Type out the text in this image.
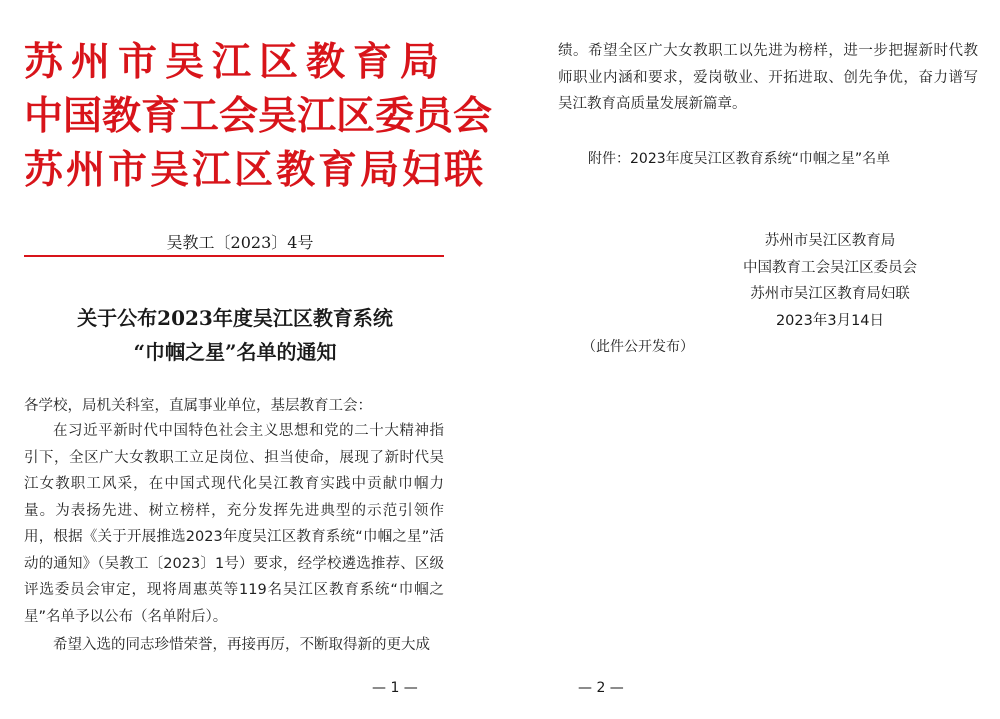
苏州市吴江区教育局
中国教育工会吴江区委员会
苏州市吴江区教育局妇联
吴教工〔2023〕4号
关于公布2023年度吴江区教育系统
“巾帼之星”名单的通知
各学校，局机关科室，直属事业单位，基层教育工会：
在习近平新时代中国特色社会主义思想和党的二十大精神指引下，全区广大女教职工立足岗位、担当使命，展现了新时代吴江女教职工风采，在中国式现代化吴江教育实践中贡献巾帼力量。为表扬先进、树立榜样，充分发挥先进典型的示范引领作用，根据《关于开展推选2023年度吴江区教育系统“巾帼之星”活动的通知》（吴教工〔2023〕1号）要求，经学校遴选推荐、区级评选委员会审定，现将周惠英等119名吴江区教育系统“巾帼之星”名单予以公布（名单附后）。
希望入选的同志珍惜荣誉，再接再厉，不断取得新的更大成
— 1 —
绩。希望全区广大女教职工以先进为榜样，进一步把握新时代教师职业内涵和要求，爱岗敬业、开拓进取、创先争优，奋力谱写吴江教育高质量发展新篇章。
附件：2023年度吴江区教育系统“巾帼之星”名单
苏州市吴江区教育局
中国教育工会吴江区委员会
苏州市吴江区教育局妇联
2023年3月14日
（此件公开发布）
— 2 —
